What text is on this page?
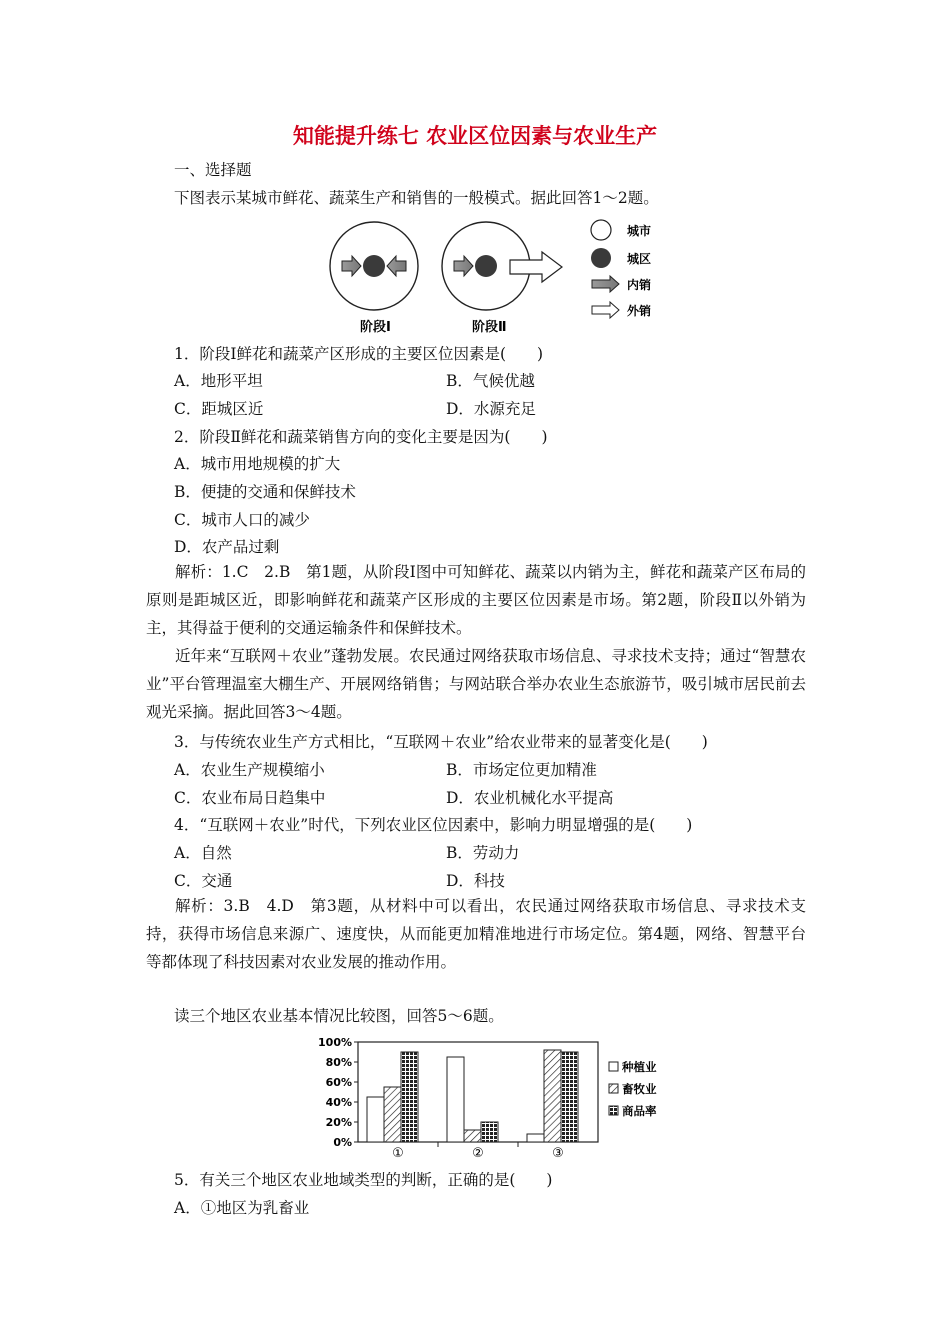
知能提升练七 农业区位因素与农业生产
一、选择题
下图表示某城市鲜花、蔬菜生产和销售的一般模式。据此回答1～2题。
阶段Ⅰ	阶段Ⅱ
城市
城区
内销
外销
1．阶段Ⅰ鲜花和蔬菜产区形成的主要区位因素是(　　)
A．地形平坦	B．气候优越
C．距城区近	D．水源充足
2．阶段Ⅱ鲜花和蔬菜销售方向的变化主要是因为(　　)
A．城市用地规模的扩大
B．便捷的交通和保鲜技术
C．城市人口的减少
D．农产品过剩
解析：1.C　2.B　第1题，从阶段Ⅰ图中可知鲜花、蔬菜以内销为主，鲜花和蔬菜产区布局的原则是距城区近，即影响鲜花和蔬菜产区形成的主要区位因素是市场。第2题，阶段Ⅱ以外销为主，其得益于便利的交通运输条件和保鲜技术。
近年来“互联网＋农业”蓬勃发展。农民通过网络获取市场信息、寻求技术支持；通过“智慧农业”平台管理温室大棚生产、开展网络销售；与网站联合举办农业生态旅游节，吸引城市居民前去观光采摘。据此回答3～4题。
3．与传统农业生产方式相比，“互联网＋农业”给农业带来的显著变化是(　　)
A．农业生产规模缩小	B．市场定位更加精准
C．农业布局日趋集中	D．农业机械化水平提高
4．“互联网＋农业”时代，下列农业区位因素中，影响力明显增强的是(　　)
A．自然	B．劳动力
C．交通	D．科技
解析：3.B　4.D　第3题，从材料中可以看出，农民通过网络获取市场信息、寻求技术支持，获得市场信息来源广、速度快，从而能更加精准地进行市场定位。第4题，网络、智慧平台等都体现了科技因素对农业发展的推动作用。
读三个地区农业基本情况比较图，回答5～6题。
0%
20%
40%
60%
80%
100%
①	②	③
种植业
畜牧业
商品率
5．有关三个地区农业地域类型的判断，正确的是(　　)
A．①地区为乳畜业
